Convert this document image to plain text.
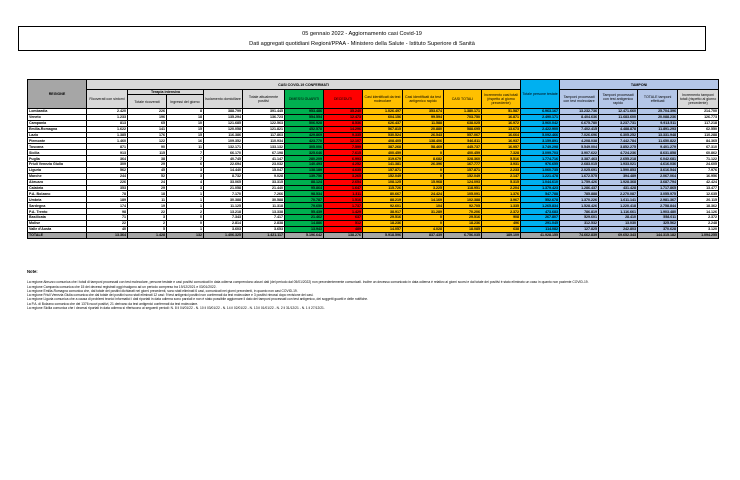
05 gennaio 2022 - Aggiornamento casi Covid-19
Dati aggregati quotidiani Regioni/PPAA - Ministero della Salute - Istituto Superiore di Sanità
REGIONE	CASI COVID-19 CONFERMATI											Totale persone testate	TAMPONI			
	Ricoverati con sintomi	Terapia intensiva		Isolamento domiciliare	Totale attualmente positivi	DIMESSI GUARITI	DECEDUTI	Casi identificati da test molecolare	Casi identificati da test antigenico rapido	CASI TOTALI	Incremento casi totali (rispetto al giorno precedente)		Tamponi processati con test molecolare	Tamponi processati con test antigenico rapido	TOTALE tamponi effettuati	Incremento tamponi totali (rispetto al giorno precedente)
		Totale ricoverati	Ingressi del giorno													
Lombardia	2.420	226	8	388.799	391.445	953.486	35.240	1.026.497	353.674	1.380.171	51.587	6.963.167	13.232.736	12.471.660	25.704.396	214.700
Veneto	1.233	196	18	135.294	136.723	554.554	12.473	604.156	99.594	703.750	16.871	2.490.171	8.404.636	11.683.600	20.088.236	126.773
Campania	813	65	10	121.685	122.563	506.928	8.536	626.437	11.588	638.025	16.972	3.960.042	6.675.780	3.237.731	9.913.511	117.218
Emilia-Romagna	1.622	141	15	120.058	121.821	452.578	14.296	567.815	20.880	588.695	13.673	2.422.900	7.402.415	4.488.878	11.891.293	62.550
Lazio	1.385	176	15	116.386	117.863	429.869	9.335	530.524	26.543	557.067	16.664	5.092.466	7.026.696	6.305.252	13.331.948	110.288
Piemonte	1.460	122	16	109.352	110.934	423.770	12.107	408.405	138.406	546.811	16.937	3.159.891	4.208.038	7.442.784	11.650.822	84.365
Toscana	871	90	11	132.171	133.132	305.006	7.599	387.268	58.469	445.737	16.957	3.749.298	5.549.004	3.852.275	9.401.279	67.310
Sicilia	913	115	7	66.170	67.198	325.646	7.615	400.459	0	400.459	7.328	3.099.703	3.907.622	4.724.236	8.631.858	60.862
Puglia	364	38	7	40.745	41.147	280.209	6.993	319.679	8.682	328.360	5.516	1.774.716	3.387.463	2.655.218	6.042.681	71.122
Friuli Venezia Giulia	309	29	6	22.694	23.032	140.493	4.252	141.381	26.396	167.777	3.931	976.655	2.683.015	1.933.021	4.616.036	24.605
Liguria	562	45	3	14.440	15.047	138.189	4.635	157.871	0	157.871	2.233	1.060.735	2.025.691	1.590.853	3.616.544	7.976
Marche	244	52	3	8.732	9.028	139.756	3.265	152.049	0	152.049	2.147	1.221.478	1.672.575	394.489	2.067.064	16.956
Abruzzo	226	24	4	33.065	33.315	88.124	2.654	108.125	15.968	124.093	5.315	1.044.610	1.759.426	1.928.368	3.687.794	42.424
Calabria	353	29	3	21.058	21.440	95.864	1.647	115.726	3.225	118.951	2.204	1.379.423	1.286.437	431.428	1.717.865	13.477
P.A. Bolzano	78	18	1	7.170	7.266	98.534	1.311	80.667	24.424	105.091	1.376	547.788	785.888	2.270.087	3.055.975	12.635
Umbria	189	11	1	30.388	30.588	70.787	1.516	88.219	14.169	102.388	3.967	552.678	1.370.226	1.611.141	2.981.367	20.115
Sardegna	174	19	1	11.125	11.318	79.650	1.737	92.601	104	92.705	1.335	1.265.834	1.528.426	1.220.418	2.758.844	18.362
P.A. Trento	98	22	2	13.218	13.338	55.439	1.429	38.917	31.289	70.206	2.372	473.683	786.819	1.116.661	1.903.480	14.126
Basilicata	71	3	0	7.343	7.417	21.462	637	29.516	0	29.516	908	267.807	529.601	28.410	558.011	2.372
Molise	22	2	0	2.814	2.838	14.886	512	18.236	0	18.236	496	291.045	312.532	13.030	325.562	2.248
Valle d'Aosta	40	5	1	3.603	3.653	13.943	489	14.057	4.028	18.085	638	114.082	127.825	242.803	370.628	3.120
TOTALE	13.364	1.428	132	1.406.325	1.421.117	5.196.642	138.276	5.918.596	837.439	6.756.035	189.109	41.928.155	74.662.839	69.652.343	144.315.182	1.094.255
Note:
La regione Abruzzo comunica che i totali di tamponi processati con test molecolare, persone testate e casi positivi comunicati in data odierna comprendono alcuni dati (del periodo dal 05/01/2022) non precedentemente comunicati. Inoltre un decesso comunicato in data odierna è relativo ai giorni scorsi e dal totale dei positivi è stato eliminato un caso in quanto non paziente COVID-19.
La regione Campania comunica che 15 dei decessi registrati oggi risalgono ad un periodo compreso tra 19/12/2021 e 03/01/2022.
La regione Emilia-Romagna comunica che, dal totale dei positivi dichiarati nei giorni precedenti, sono stati eliminati 6 casi, comunicati nei giorni precedenti, in quanto non casi COVID-19.
La regione Friuli Venezia Giulia comunica che dal totale dei positivi sono stati eliminati 12 casi: 9 test antigenici positivi non confermati da test molecolare e 3 positivi rimossi dopo revisione dei casi.
La regione Liguria comunica che a causa di problemi tecnici informatici i dati riportati in data odierna sono parziali e non è stato possibile aggiornare il dato dei tamponi processati con test antigenico, dei soggetti guariti e delle notifiche.
La P.A. di Bolzano comunica che dei 1376 nuovi positivi, 21 derivano da test antigenici confermati da test molecolare.
La regione Sicilia comunica che i decessi riportati in data odierna si riferiscono ai seguenti periodi: N. 8 il 04/01/22 - N. 10 il 03/01/22 - N. 14 il 02/01/22 - N. 13 il 01/01/22 - N. 2 il 31/12/21 - N. 1 il 27/12/21.
